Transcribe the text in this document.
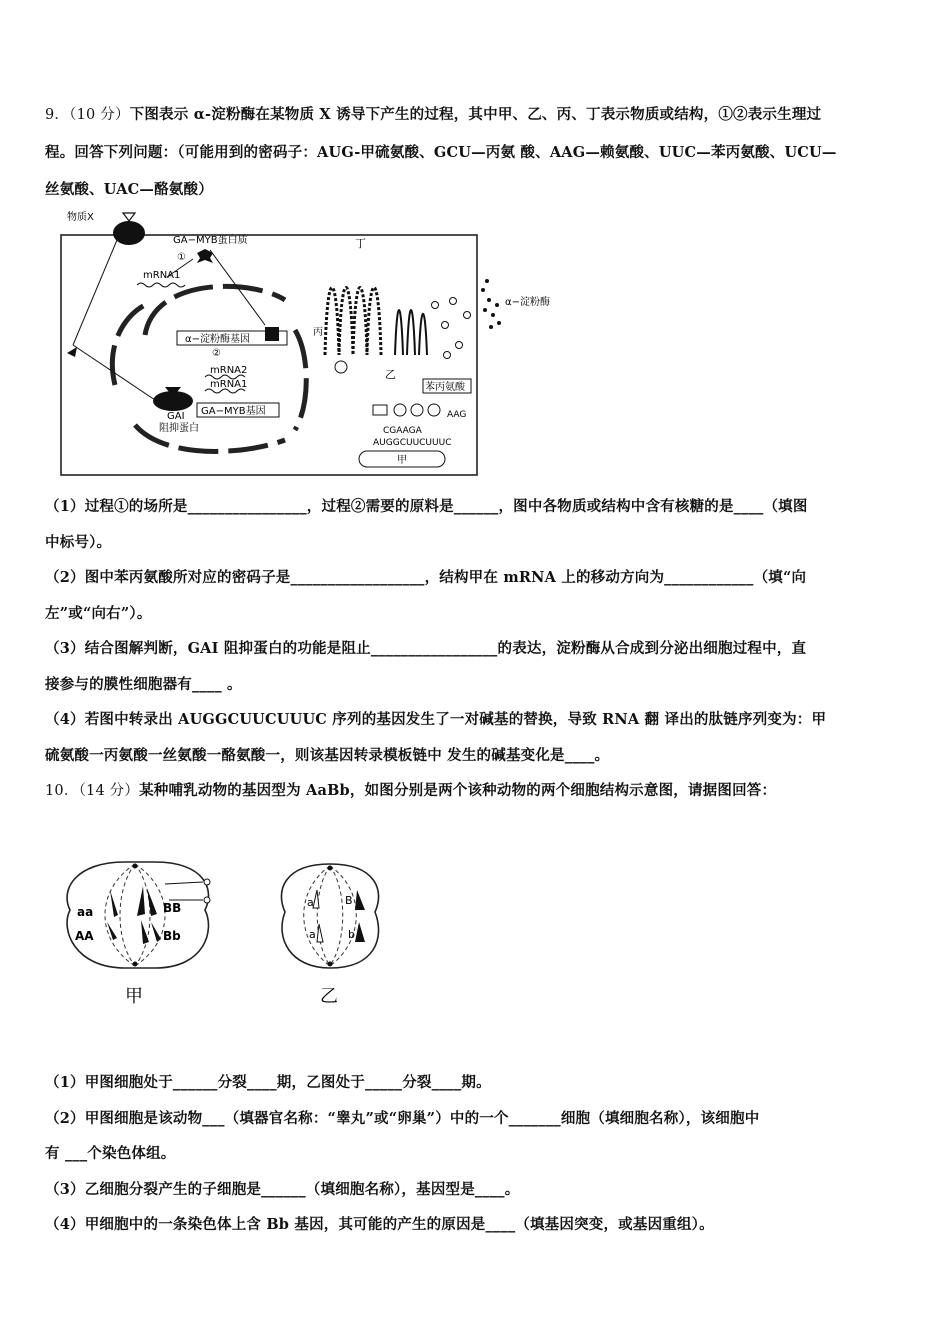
9．（10 分）下图表示 α-淀粉酶在某物质 X 诱导下产生的过程，其中甲、乙、丙、丁表示物质或结构，①②表示生理过
程。回答下列问题：（可能用到的密码子：AUG-甲硫氨酸、GCU—丙氨 酸、AAG—赖氨酸、UUC—苯丙氨酸、UCU—
丝氨酸、UAC—酪氨酸）
物质X
GA−MYB蛋白质
①
mRNA1
丁
α−淀粉酶基因
②
mRNA2
mRNA1
GAI
阻抑蛋白
GA−MYB基因
丙
乙
α−淀粉酶
苯丙氨酸
AAG
CGAAGA
AUGGCUUCUUUC
甲
（1）过程①的场所是________________，过程②需要的原料是______，图中各物质或结构中含有核糖的是____（填图
中标号）。
（2）图中苯丙氨酸所对应的密码子是__________________，结构甲在 mRNA 上的移动方向为____________（填“向
左”或“向右”）。
（3）结合图解判断，GAI 阻抑蛋白的功能是阻止_________________的表达，淀粉酶从合成到分泌出细胞过程中，直
接参与的膜性细胞器有____ 。
（4）若图中转录出 AUGGCUUCUUUC 序列的基因发生了一对碱基的替换，导致 RNA 翻 译出的肽链序列变为：甲
硫氨酸一丙氨酸一丝氨酸一酪氨酸一，则该基因转录模板链中 发生的碱基变化是____。
10．（14 分）某种哺乳动物的基因型为 AaBb，如图分别是两个该种动物的两个细胞结构示意图，请据图回答：
aa	BB
AA	Bb
甲
a	B
a	b
乙
（1）甲图细胞处于______分裂____期，乙图处于_____分裂____期。
（2）甲图细胞是该动物___（填器官名称：“睾丸”或“卵巢”）中的一个_______细胞（填细胞名称），该细胞中
有 ___个染色体组。
（3）乙细胞分裂产生的子细胞是______（填细胞名称），基因型是____。
（4）甲细胞中的一条染色体上含 Bb 基因，其可能的产生的原因是____（填基因突变，或基因重组）。
